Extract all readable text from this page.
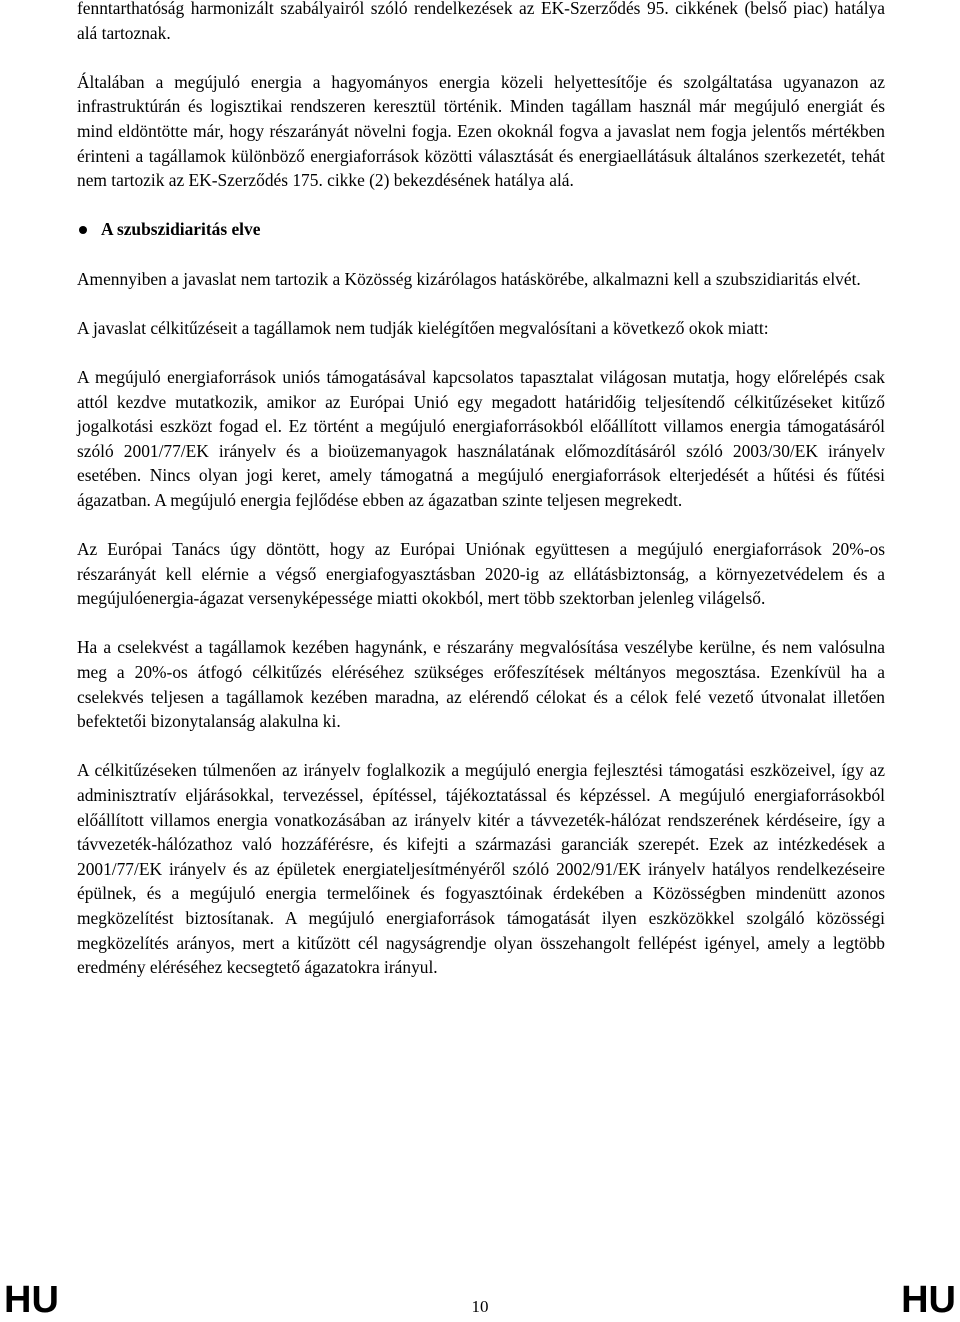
fenntarthatóság harmonizált szabályairól szóló rendelkezések az EK-Szerződés 95. cikkének (belső piac) hatálya alá tartoznak.

Általában a megújuló energia a hagyományos energia közeli helyettesítője és szolgáltatása ugyanazon az infrastruktúrán és logisztikai rendszeren keresztül történik. Minden tagállam használ már megújuló energiát és mind eldöntötte már, hogy részarányát növelni fogja. Ezen okoknál fogva a javaslat nem fogja jelentős mértékben érinteni a tagállamok különböző energiaforrások közötti választását és energiaellátásuk általános szerkezetét, tehát nem tartozik az EK-Szerződés 175. cikke (2) bekezdésének hatálya alá.

A szubszidiaritás elve

Amennyiben a javaslat nem tartozik a Közösség kizárólagos hatáskörébe, alkalmazni kell a szubszidiaritás elvét.

A javaslat célkitűzéseit a tagállamok nem tudják kielégítően megvalósítani a következő okok miatt:

A megújuló energiaforrások uniós támogatásával kapcsolatos tapasztalat világosan mutatja, hogy előrelépés csak attól kezdve mutatkozik, amikor az Európai Unió egy megadott határidőig teljesítendő célkitűzéseket kitűző jogalkotási eszközt fogad el. Ez történt a megújuló energiaforrásokból előállított villamos energia támogatásáról szóló 2001/77/EK irányelv és a bioüzemanyagok használatának előmozdításáról szóló 2003/30/EK irányelv esetében. Nincs olyan jogi keret, amely támogatná a megújuló energiaforrások elterjedését a hűtési és fűtési ágazatban. A megújuló energia fejlődése ebben az ágazatban szinte teljesen megrekedt.

Az Európai Tanács úgy döntött, hogy az Európai Uniónak együttesen a megújuló energiaforrások 20%-os részarányát kell elérnie a végső energiafogyasztásban 2020-ig az ellátásbiztonság, a környezetvédelem és a megújulóenergia-ágazat versenyképessége miatti okokból, mert több szektorban jelenleg világelső.

Ha a cselekvést a tagállamok kezében hagynánk, e részarány megvalósítása veszélybe kerülne, és nem valósulna meg a 20%-os átfogó célkitűzés eléréséhez szükséges erőfeszítések méltányos megosztása. Ezenkívül ha a cselekvés teljesen a tagállamok kezében maradna, az elérendő célokat és a célok felé vezető útvonalat illetően befektetői bizonytalanság alakulna ki.

A célkitűzéseken túlmenően az irányelv foglalkozik a megújuló energia fejlesztési támogatási eszközeivel, így az adminisztratív eljárásokkal, tervezéssel, építéssel, tájékoztatással és képzéssel. A megújuló energiaforrásokból előállított villamos energia vonatkozásában az irányelv kitér a távvezeték-hálózat rendszerének kérdéseire, így a távvezeték-hálózathoz való hozzáférésre, és kifejti a származási garanciák szerepét. Ezek az intézkedések a 2001/77/EK irányelv és az épületek energiateljesítményéről szóló 2002/91/EK irányelv hatályos rendelkezéseire épülnek, és a megújuló energia termelőinek és fogyasztóinak érdekében a Közösségben mindenütt azonos megközelítést biztosítanak. A megújuló energiaforrások támogatását ilyen eszközökkel szolgáló közösségi megközelítés arányos, mert a kitűzött cél nagyságrendje olyan összehangolt fellépést igényel, amely a legtöbb eredmény eléréséhez kecsegtető ágazatokra irányul.

HU	10	HU
